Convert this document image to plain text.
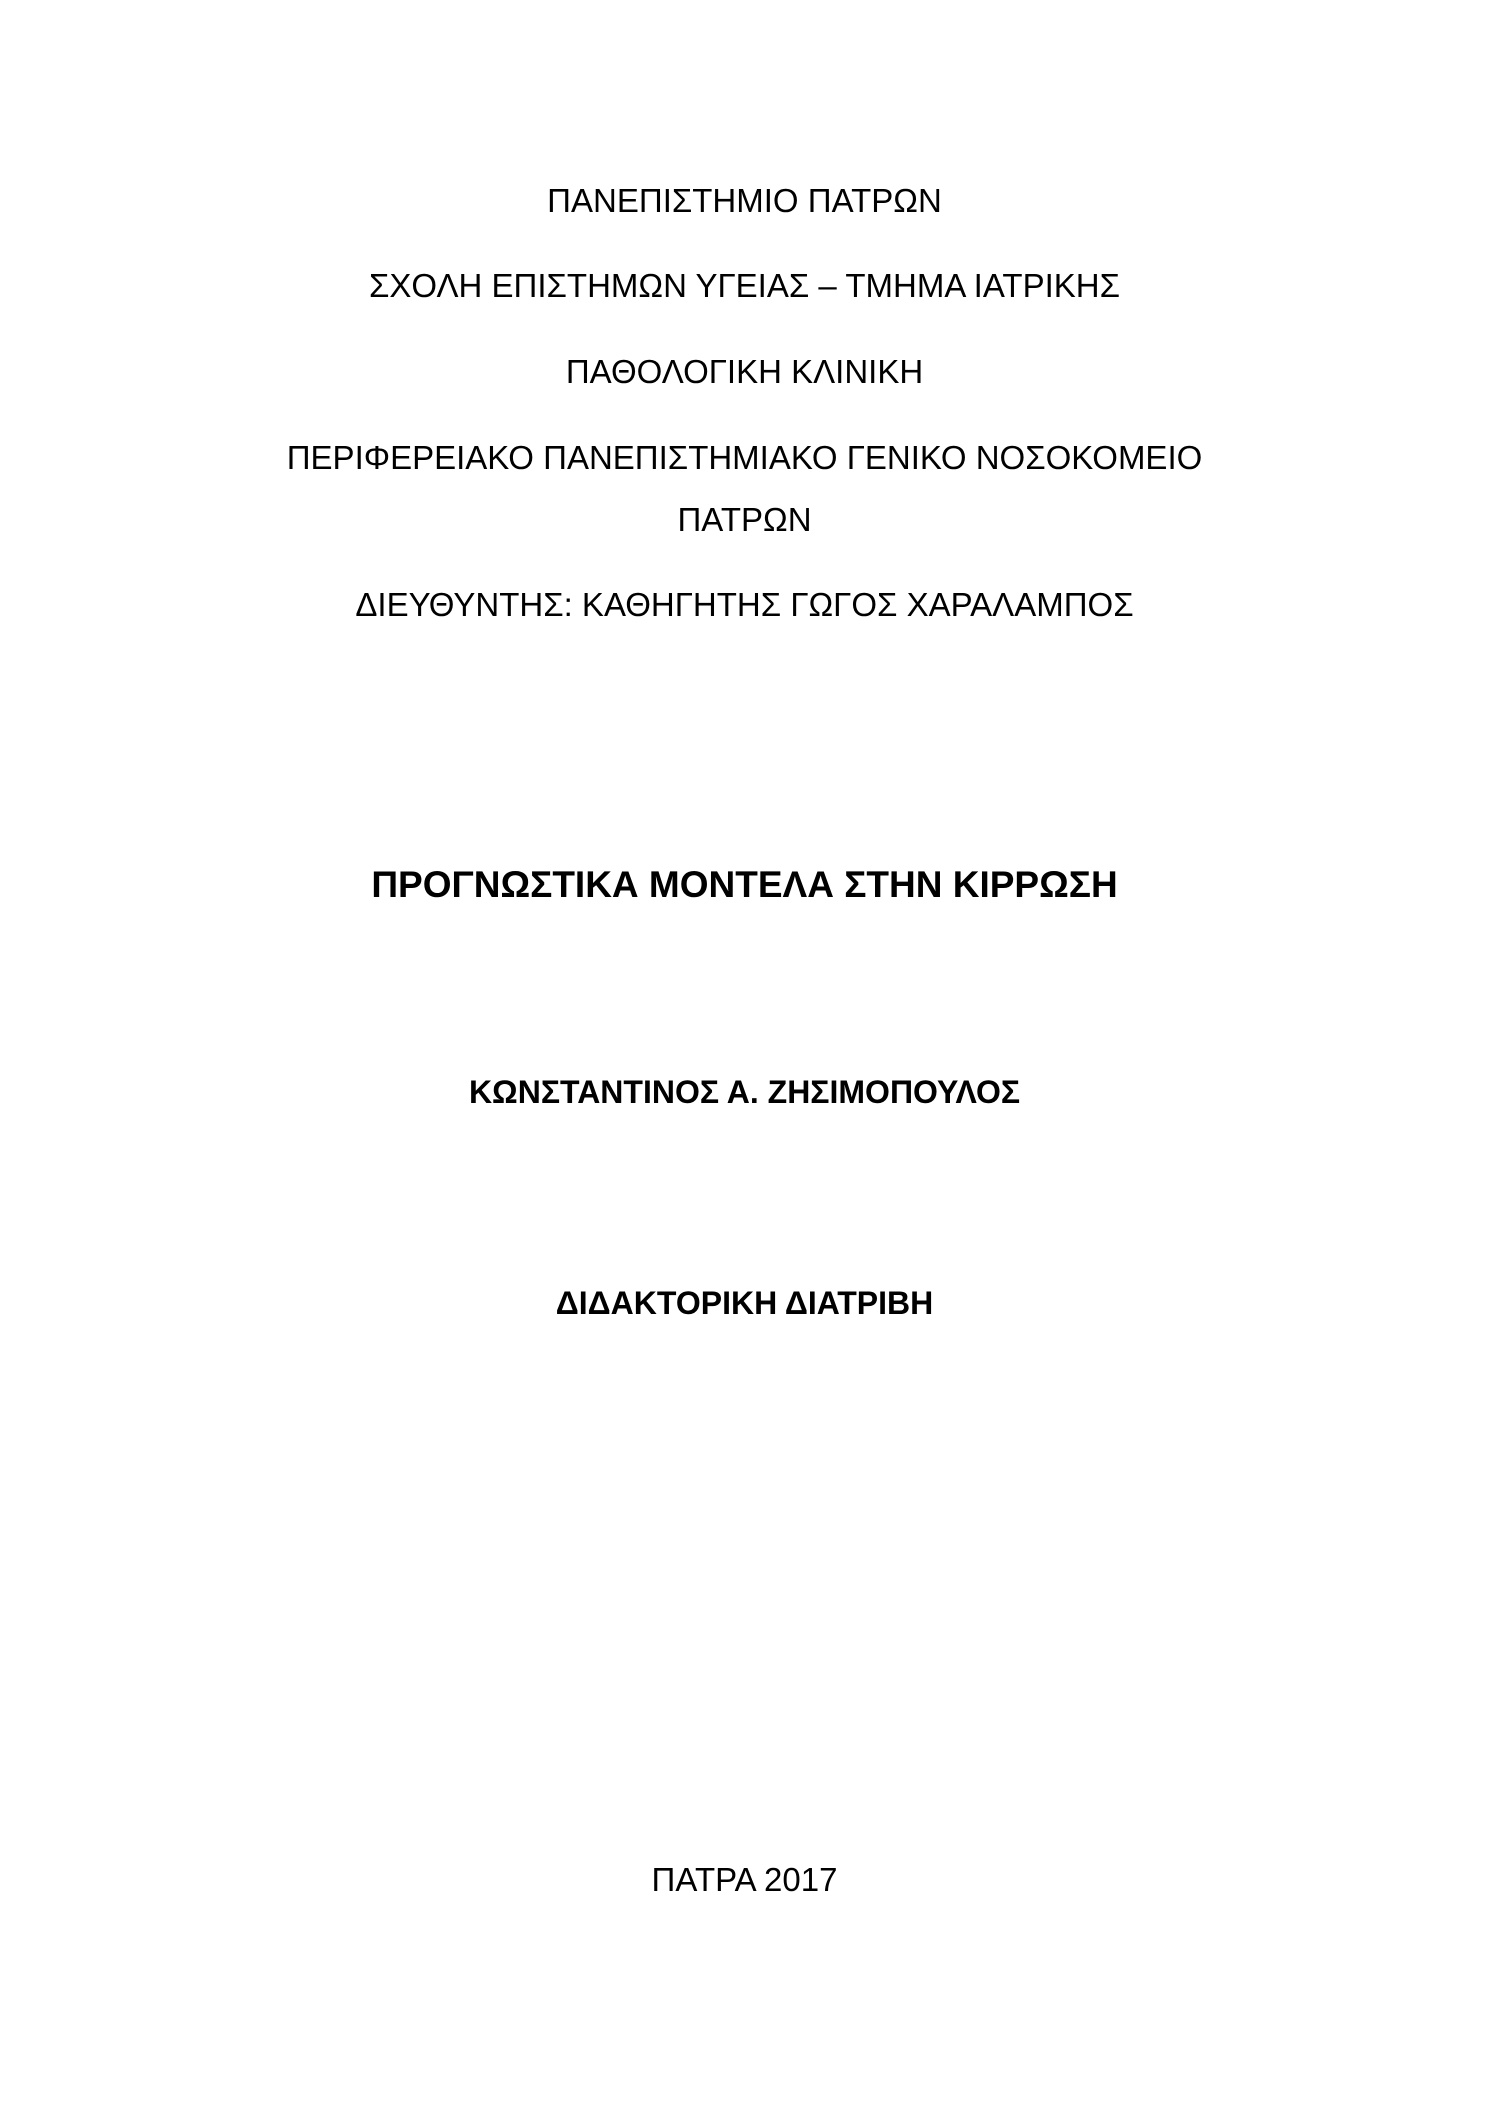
ΠΑΝΕΠΙΣΤΗΜΙΟ ΠΑΤΡΩΝ
ΣΧΟΛΗ ΕΠΙΣΤΗΜΩΝ ΥΓΕΙΑΣ – ΤΜΗΜΑ ΙΑΤΡΙΚΗΣ
ΠΑΘΟΛΟΓΙΚΗ ΚΛΙΝΙΚΗ
ΠΕΡΙΦΕΡΕΙΑΚΟ ΠΑΝΕΠΙΣΤΗΜΙΑΚΟ ΓΕΝΙΚΟ ΝΟΣΟΚΟΜΕΙΟ
ΠΑΤΡΩΝ
ΔΙΕΥΘΥΝΤΗΣ: ΚΑΘΗΓΗΤΗΣ ΓΩΓΟΣ ΧΑΡΑΛΑΜΠΟΣ
ΠΡΟΓΝΩΣΤΙΚΑ ΜΟΝΤΕΛΑ ΣΤΗΝ ΚΙΡΡΩΣΗ
ΚΩΝΣΤΑΝΤΙΝΟΣ Α. ΖΗΣΙΜΟΠΟΥΛΟΣ
ΔΙΔΑΚΤΟΡΙΚΗ ΔΙΑΤΡΙΒΗ
ΠΑΤΡΑ 2017
